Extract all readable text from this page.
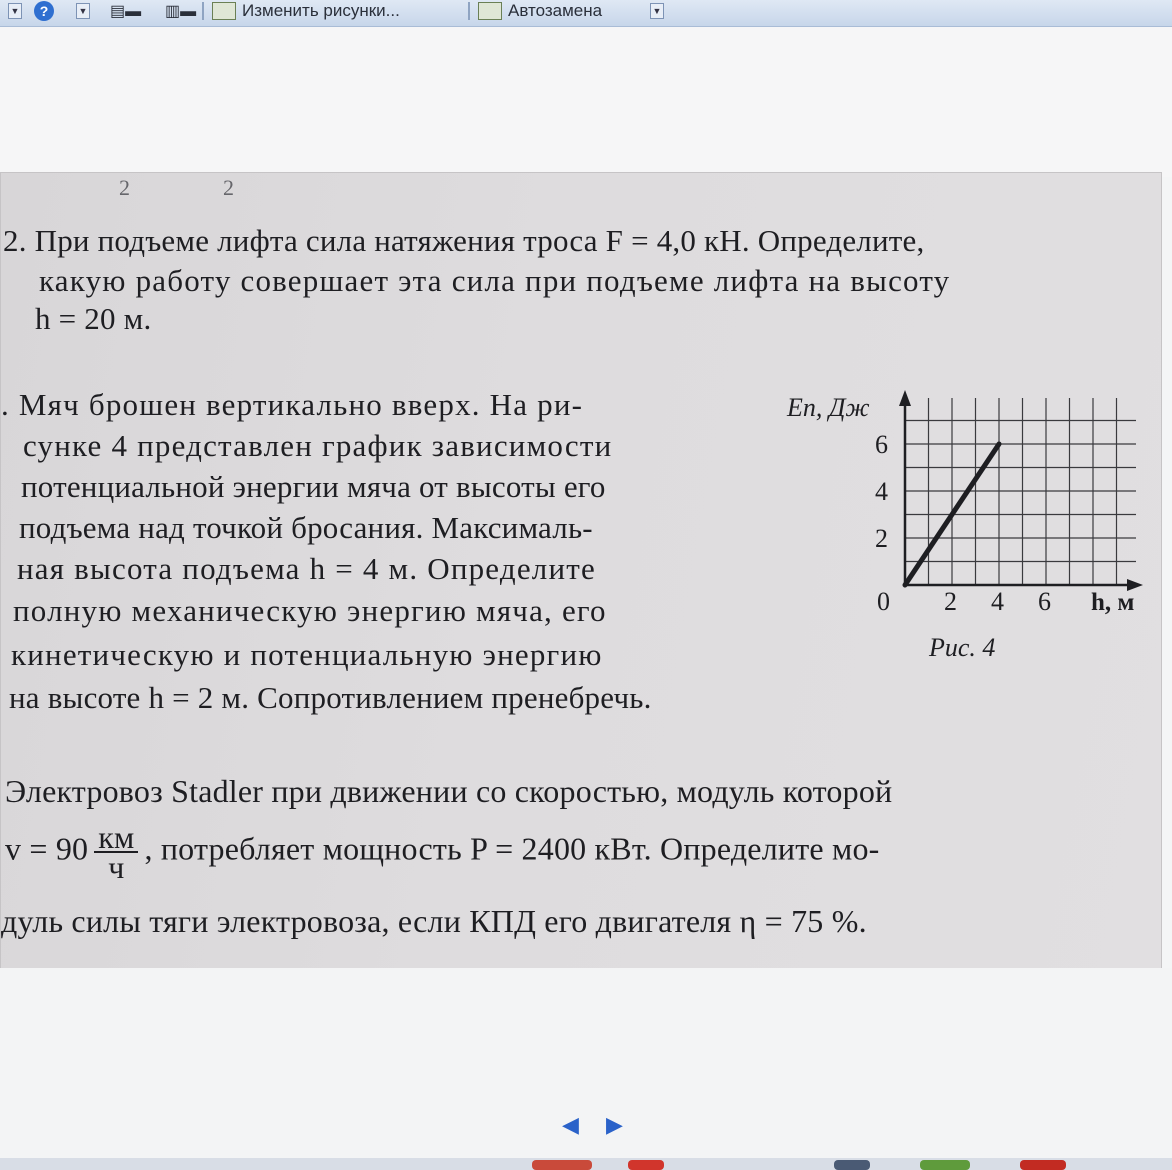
▼	?	▼ ▤▬ ▥▬	Изменить рисунки...	Автозамена	▼
2	2
2. При подъеме лифта сила натяжения троса F = 4,0 кН. Определите,
какую работу совершает эта сила при подъеме лифта на высоту
h = 20 м.
. Мяч брошен вертикально вверх. На ри-
сунке 4 представлен график зависимости
потенциальной энергии мяча от высоты его
подъема над точкой бросания. Максималь-
ная высота подъема h = 4 м. Определите
полную механическую энергию мяча, его
кинетическую и потенциальную энергию
на высоте h = 2 м. Сопротивлением пренебречь.
0 2 4 6
2
4
6
Eп, Дж
h, м
Рис. 4
Электровоз Stadler при движении со скоростью, модуль которой
$v = 90 \frac{км}{ч}$ , потребляет мощность P = 2400 кВт. Определите мо-
дуль силы тяги электровоза, если КПД его двигателя η = 75 %.
◀ ▶
